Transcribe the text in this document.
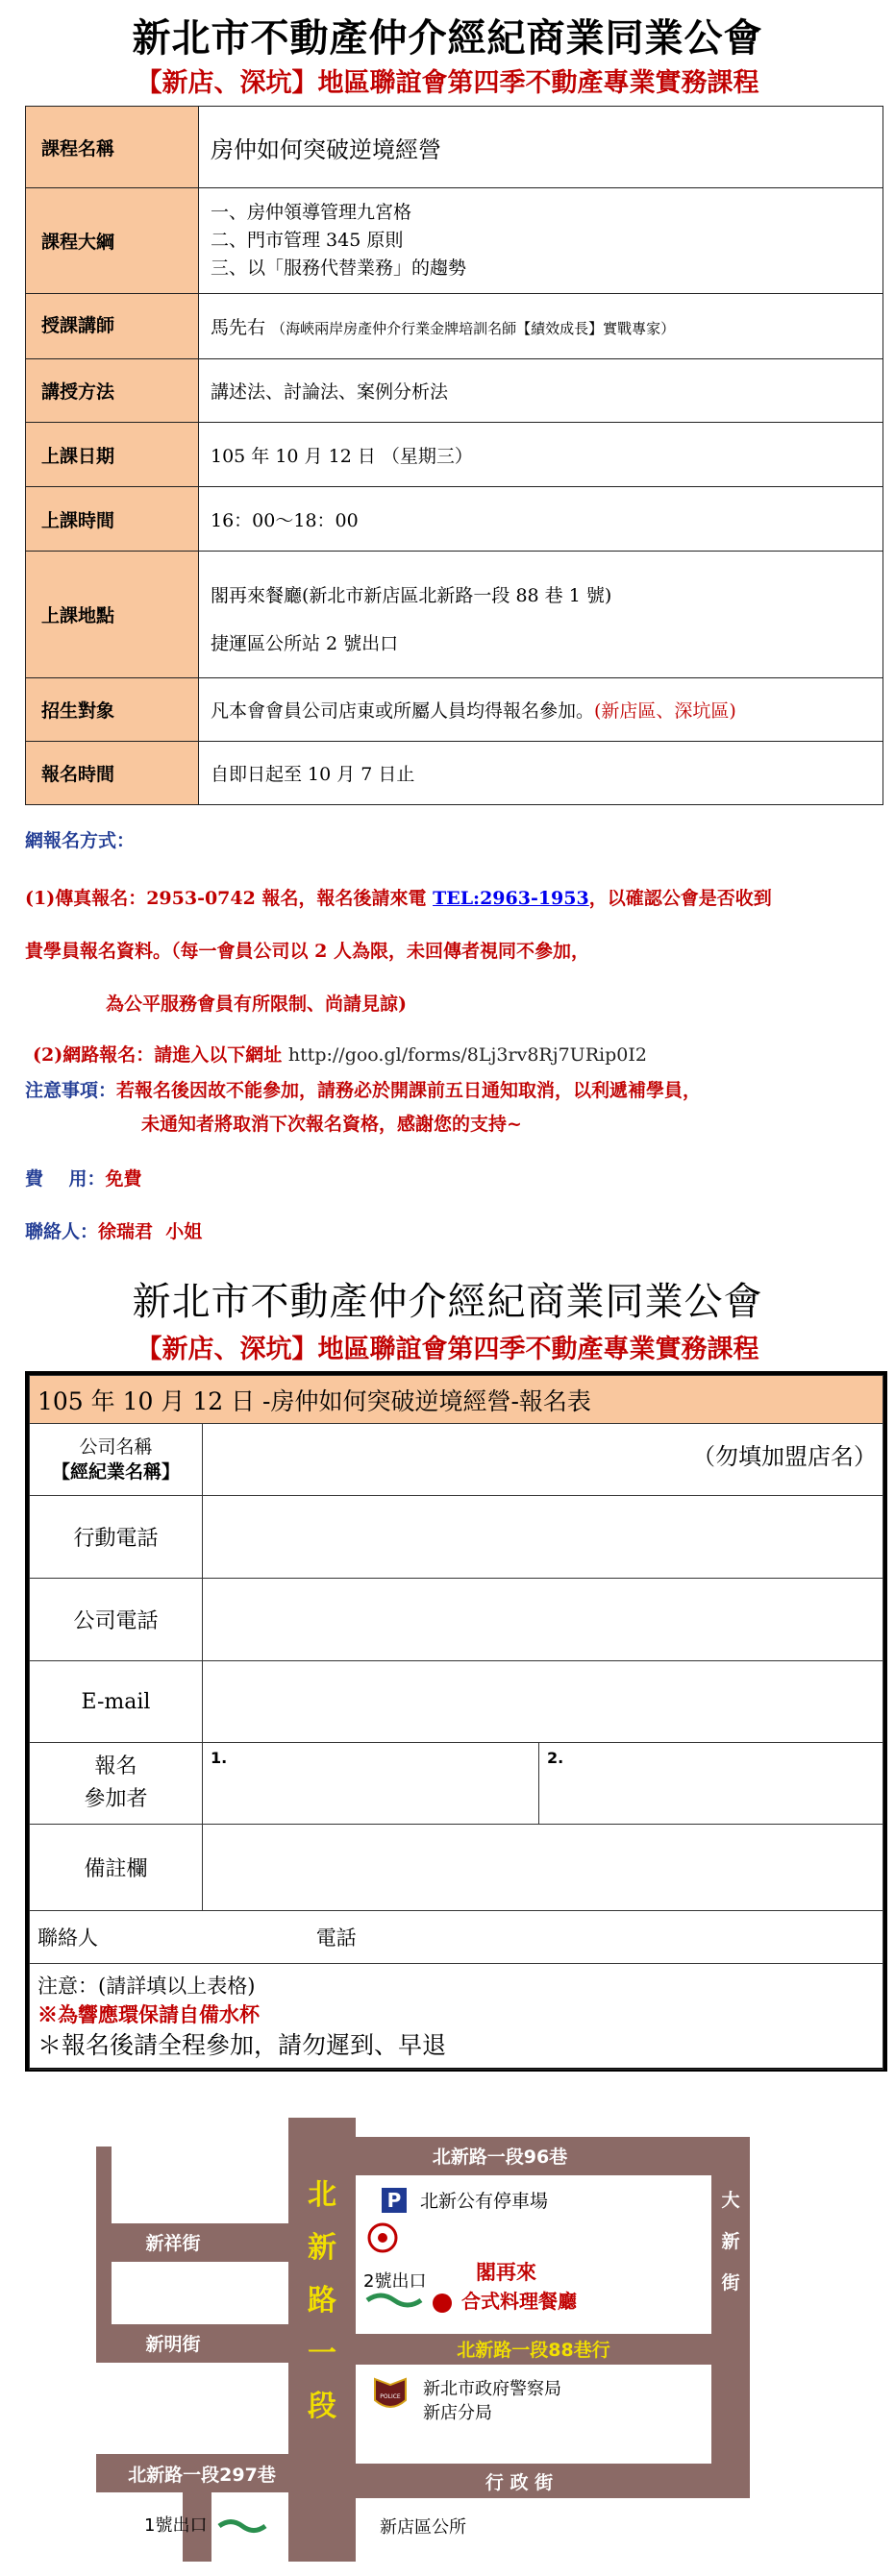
新北市不動產仲介經紀商業同業公會
【新店、深坑】地區聯誼會第四季不動產專業實務課程
課程名稱	房仲如何突破逆境經營
課程大綱	一、房仲領導管理九宮格
二、門市管理 345 原則
三、以「服務代替業務」的趨勢

授課講師	馬先右 （海峽兩岸房產仲介行業金牌培訓名師【績效成長】實戰專家）
講授方法	講述法、討論法、案例分析法
上課日期	105 年 10 月 12 日 （星期三）
上課時間	16：00～18：00
上課地點	閣再來餐廳(新北市新店區北新路一段 88 巷 1 號)
捷運區公所站 2 號出口

招生對象	凡本會會員公司店東或所屬人員均得報名參加。(新店區、深坑區)
報名時間	自即日起至 10 月 7 日止
網報名方式：
(1)傳真報名：2953-0742 報名，報名後請來電 TEL:2963-1953，以確認公會是否收到
貴學員報名資料。（每一會員公司以 2 人為限，未回傳者視同不參加，
為公平服務會員有所限制、尚請見諒)
(2)網路報名：請進入以下網址 http://goo.gl/forms/8Lj3rv8Rj7URip0I2
注意事項：若報名後因故不能參加，請務必於開課前五日通知取消，以利遞補學員，
未通知者將取消下次報名資格，感謝您的支持~
費    用：免費
聯絡人：徐瑞君  小姐
新北市不動產仲介經紀商業同業公會
【新店、深坑】地區聯誼會第四季不動產專業實務課程
105 年 10 月 12 日 -房仲如何突破逆境經營-報名表		

公司名稱
【經紀業名稱】	（勿填加盟店名）	
行動電話		
公司電話		
E-mail		

報名
參加者	1.	2.
備註欄		
聯絡人 電話		

注意：(請詳填以上表格)
※為響應環保請自備水杯
＊報名後請全程參加，請勿遲到、早退		
北新路一段96巷
新祥街
新明街
北新路一段297巷
北新路一段88巷行
行 政 街
北
新
路
一
段
大
新
街
P 北新公有停車場
2號出口 閣再來
合式料理餐廳
POLICE 新北市政府警察局
新店分局
1號出口	新店區公所
